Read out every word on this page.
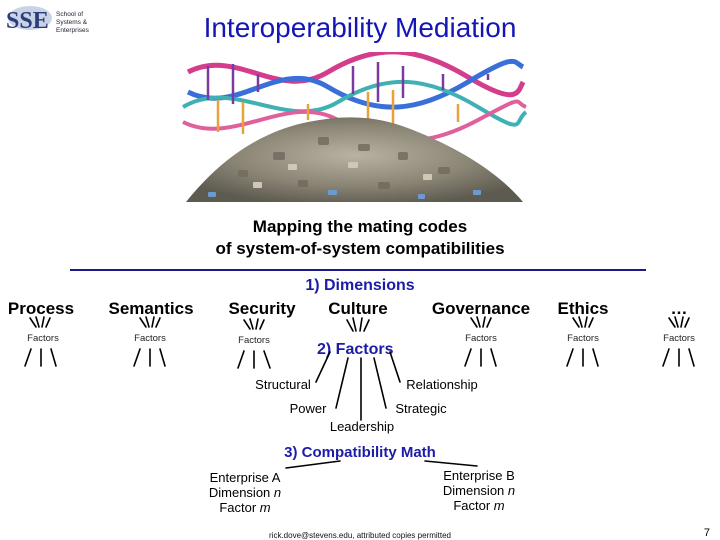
SSE School of
Systems & Enterprises	Interoperability Mediation
Mapping the mating codes
of system-of-system compatibilities
1) Dimensions
Process Semantics Security Culture	Governance Ethics	…
Factors	Factors	Factors	Factors	Factors	Factors
2) Factors
Structural	Relationship
Power	Strategic
Leadership
3) Compatibility Math
Enterprise A
Dimension n
Factor m
Enterprise B
Dimension n
Factor m
rick.dove@stevens.edu, attributed copies permitted	7
